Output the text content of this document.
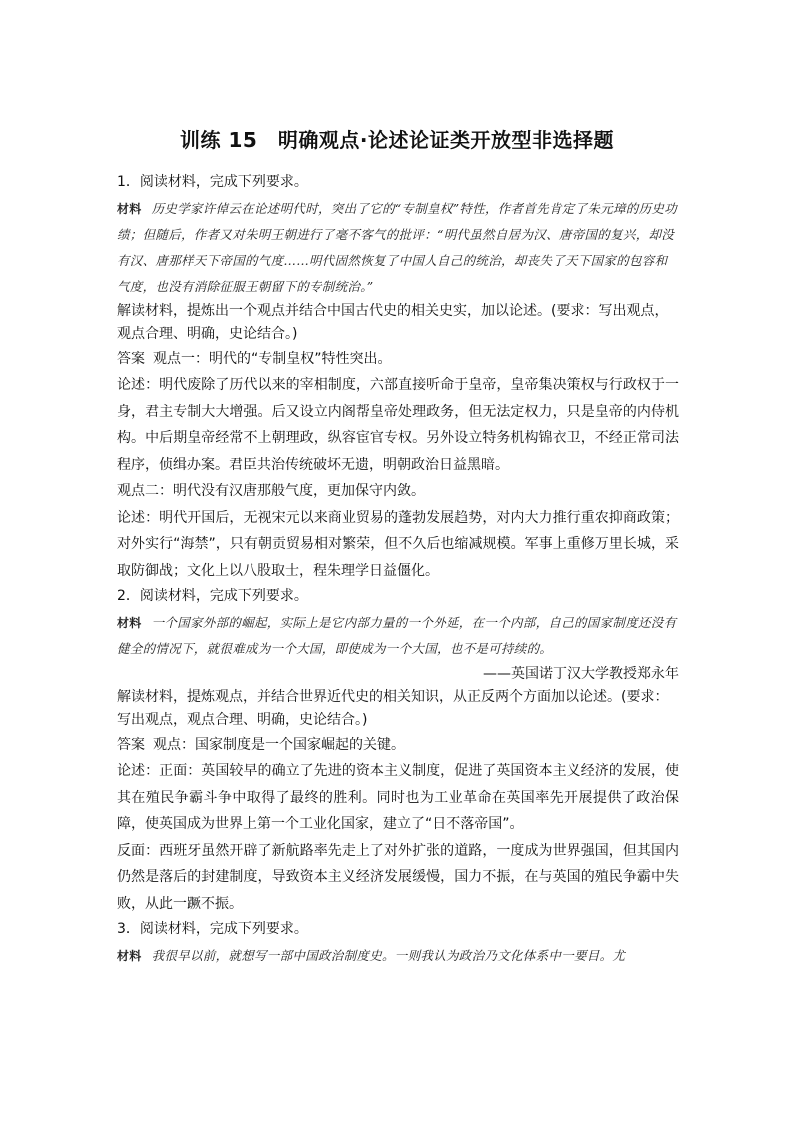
训练 15　明确观点·论述论证类开放型非选择题

1．阅读材料，完成下列要求。

材料 历史学家许倬云在论述明代时，突出了它的“专制皇权”特性，作者首先肯定了朱元璋的历史功绩；但随后，作者又对朱明王朝进行了毫不客气的批评：“明代虽然自居为汉、唐帝国的复兴，却没有汉、唐那样天下帝国的气度……明代固然恢复了中国人自己的统治，却丧失了天下国家的包容和气度，也没有消除征服王朝留下的专制统治。”

解读材料，提炼出一个观点并结合中国古代史的相关史实，加以论述。(要求：写出观点，观点合理、明确，史论结合。)

答案 观点一：明代的“专制皇权”特性突出。

论述：明代废除了历代以来的宰相制度，六部直接听命于皇帝，皇帝集决策权与行政权于一身，君主专制大大增强。后又设立内阁帮皇帝处理政务，但无法定权力，只是皇帝的内侍机构。中后期皇帝经常不上朝理政，纵容宦官专权。另外设立特务机构锦衣卫，不经正常司法程序，侦缉办案。君臣共治传统破坏无遗，明朝政治日益黑暗。

观点二：明代没有汉唐那般气度，更加保守内敛。

论述：明代开国后，无视宋元以来商业贸易的蓬勃发展趋势，对内大力推行重农抑商政策；对外实行“海禁”，只有朝贡贸易相对繁荣，但不久后也缩减规模。军事上重修万里长城，采取防御战；文化上以八股取士，程朱理学日益僵化。

2．阅读材料，完成下列要求。

材料 一个国家外部的崛起，实际上是它内部力量的一个外延，在一个内部，自己的国家制度还没有健全的情况下，就很难成为一个大国，即使成为一个大国，也不是可持续的。

——英国诺丁汉大学教授郑永年

解读材料，提炼观点，并结合世界近代史的相关知识，从正反两个方面加以论述。(要求：写出观点，观点合理、明确，史论结合。)

答案 观点：国家制度是一个国家崛起的关键。

论述：正面：英国较早的确立了先进的资本主义制度，促进了英国资本主义经济的发展，使其在殖民争霸斗争中取得了最终的胜利。同时也为工业革命在英国率先开展提供了政治保障，使英国成为世界上第一个工业化国家，建立了“日不落帝国”。

反面：西班牙虽然开辟了新航路率先走上了对外扩张的道路，一度成为世界强国，但其国内仍然是落后的封建制度，导致资本主义经济发展缓慢，国力不振，在与英国的殖民争霸中失败，从此一蹶不振。

3．阅读材料，完成下列要求。

材料 我很早以前，就想写一部中国政治制度史。一则我认为政治乃文化体系中一要目。尤
